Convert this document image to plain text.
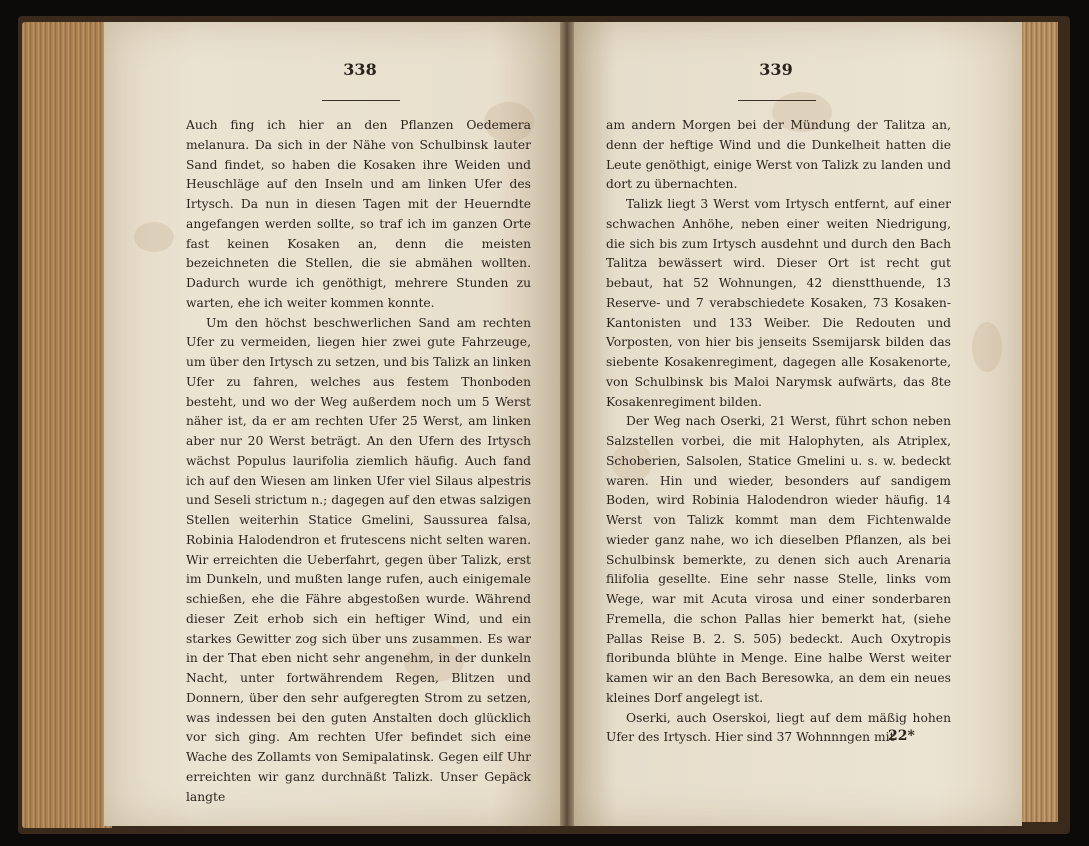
338

Auch fing ich hier an den Pflanzen Oedemera melanura. Da sich in der Nähe von Schulbinsk lauter Sand findet, so haben die Kosaken ihre Weiden und Heuschläge auf den Inseln und am linken Ufer des Irtysch. Da nun in diesen Tagen mit der Heuerndte angefangen werden sollte, so traf ich im ganzen Orte fast keinen Kosaken an, denn die meisten bezeichneten die Stellen, die sie abmähen wollten. Dadurch wurde ich genöthigt, mehrere Stunden zu warten, ehe ich weiter kommen konnte.

Um den höchst beschwerlichen Sand am rechten Ufer zu vermeiden, liegen hier zwei gute Fahrzeuge, um über den Irtysch zu setzen, und bis Talizk an linken Ufer zu fahren, welches aus festem Thonboden besteht, und wo der Weg außerdem noch um 5 Werst näher ist, da er am rechten Ufer 25 Werst, am linken aber nur 20 Werst beträgt. An den Ufern des Irtysch wächst Populus laurifolia ziemlich häufig. Auch fand ich auf den Wiesen am linken Ufer viel Silaus alpestris und Seseli strictum n.; dagegen auf den etwas salzigen Stellen weiterhin Statice Gmelini, Saussurea falsa, Robinia Halodendron et frutescens nicht selten waren. Wir erreichten die Ueberfahrt, gegen über Talizk, erst im Dunkeln, und mußten lange rufen, auch einigemale schießen, ehe die Fähre abgestoßen wurde. Während dieser Zeit erhob sich ein heftiger Wind, und ein starkes Gewitter zog sich über uns zusammen. Es war in der That eben nicht sehr angenehm, in der dunkeln Nacht, unter fortwährendem Regen, Blitzen und Donnern, über den sehr aufgeregten Strom zu setzen, was indessen bei den guten Anstalten doch glücklich vor sich ging. Am rechten Ufer befindet sich eine Wache des Zollamts von Semipalatinsk. Gegen eilf Uhr erreichten wir ganz durchnäßt Talizk. Unser Gepäck langte

339

am andern Morgen bei der Mündung der Talitza an, denn der heftige Wind und die Dunkelheit hatten die Leute genöthigt, einige Werst von Talizk zu landen und dort zu übernachten.

Talizk liegt 3 Werst vom Irtysch entfernt, auf einer schwachen Anhöhe, neben einer weiten Niedrigung, die sich bis zum Irtysch ausdehnt und durch den Bach Talitza bewässert wird. Dieser Ort ist recht gut bebaut, hat 52 Wohnungen, 42 dienstthuende, 13 Reserve- und 7 verabschiedete Kosaken, 73 Kosaken-Kantonisten und 133 Weiber. Die Redouten und Vorposten, von hier bis jenseits Ssemijarsk bilden das siebente Kosakenregiment, dagegen alle Kosakenorte, von Schulbinsk bis Maloi Narymsk aufwärts, das 8te Kosakenregiment bilden.

Der Weg nach Oserki, 21 Werst, führt schon neben Salzstellen vorbei, die mit Halophyten, als Atriplex, Schoberien, Salsolen, Statice Gmelini u. s. w. bedeckt waren. Hin und wieder, besonders auf sandigem Boden, wird Robinia Halodendron wieder häufig. 14 Werst von Talizk kommt man dem Fichtenwalde wieder ganz nahe, wo ich dieselben Pflanzen, als bei Schulbinsk bemerkte, zu denen sich auch Arenaria filifolia gesellte. Eine sehr nasse Stelle, links vom Wege, war mit Acuta virosa und einer sonderbaren Fremella, die schon Pallas hier bemerkt hat, (siehe Pallas Reise B. 2. S. 505) bedeckt. Auch Oxytropis floribunda blühte in Menge. Eine halbe Werst weiter kamen wir an den Bach Beresowka, an dem ein neues kleines Dorf angelegt ist.

Oserki, auch Oserskoi, liegt auf dem mäßig hohen Ufer des Irtysch. Hier sind 37 Wohnnngen mit

22*
